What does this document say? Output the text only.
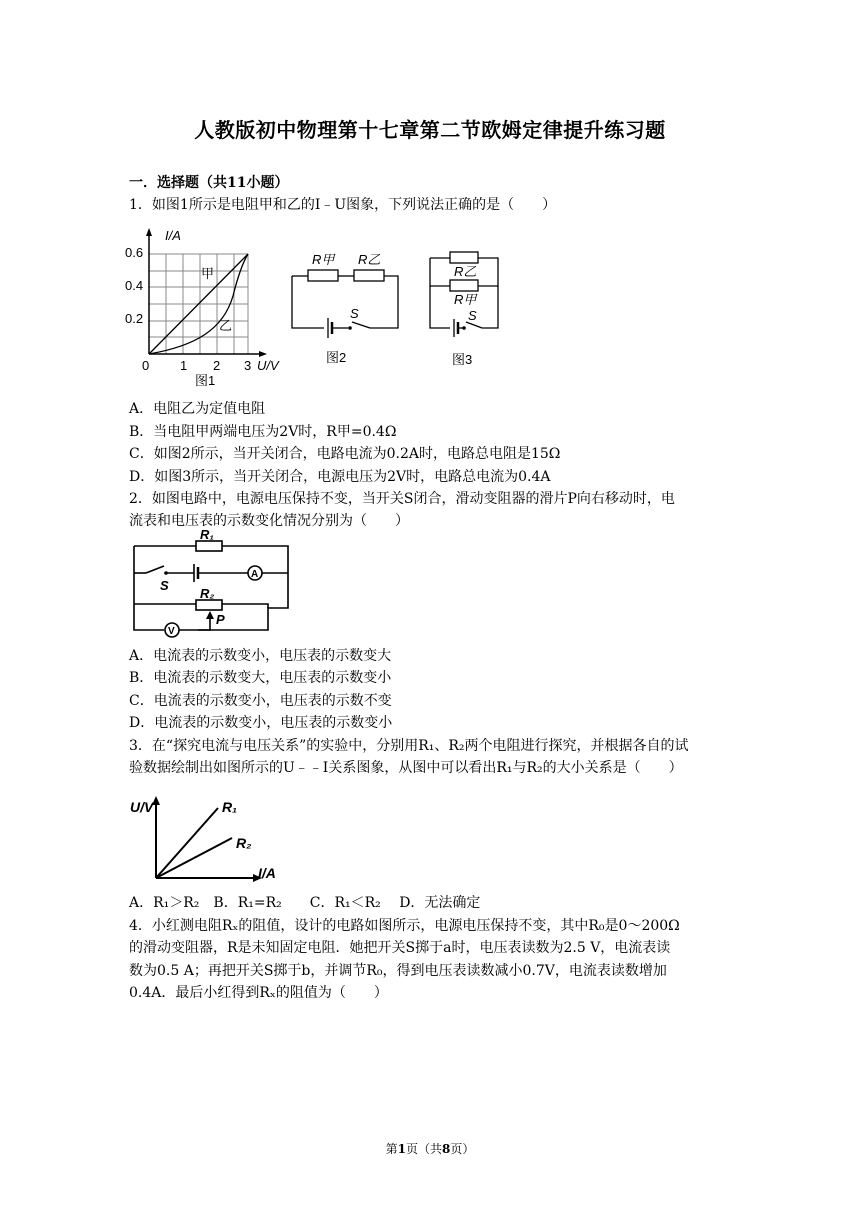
人教版初中物理第十七章第二节欧姆定律提升练习题
一．选择题（共11小题）
1．如图1所示是电阻甲和乙的I﹣U图象，下列说法正确的是（　　）
I/A
0.6
0.4
0.2
0 1 2 3 U/V
甲
乙
图1
R甲 R乙
S
图2
R乙
R甲
S
图3
A．电阻乙为定值电阻
B．当电阻甲两端电压为2V时，R甲=0.4Ω
C．如图2所示，当开关闭合，电路电流为0.2A时，电路总电阻是15Ω
D．如图3所示，当开关闭合，电源电压为2V时，电路总电流为0.4A
2．如图电路中，电源电压保持不变，当开关S闭合，滑动变阻器的滑片P向右移动时，电
流表和电压表的示数变化情况分别为（　　）
R₁
R₂
S
A
V
P
A．电流表的示数变小，电压表的示数变大
B．电流表的示数变大，电压表的示数变小
C．电流表的示数变小，电压表的示数不变
D．电流表的示数变小，电压表的示数变小
3．在“探究电流与电压关系”的实验中，分别用R₁、R₂两个电阻进行探究，并根据各自的试
验数据绘制出如图所示的U﹣﹣I关系图象，从图中可以看出R₁与R₂的大小关系是（　　）
U/V
I/A
R₁
R₂
A．R₁＞R₂　B．R₁=R₂　　C．R₁＜R₂　 D．无法确定
4．小红测电阻Rₓ的阻值，设计的电路如图所示，电源电压保持不变，其中R₀是0～200Ω
的滑动变阻器，R是未知固定电阻．她把开关S掷于a时，电压表读数为2.5 V，电流表读
数为0.5 A；再把开关S掷于b，并调节R₀，得到电压表读数减小0.7V，电流表读数增加
0.4A．最后小红得到Rₓ的阻值为（　　）
第1页（共8页）
